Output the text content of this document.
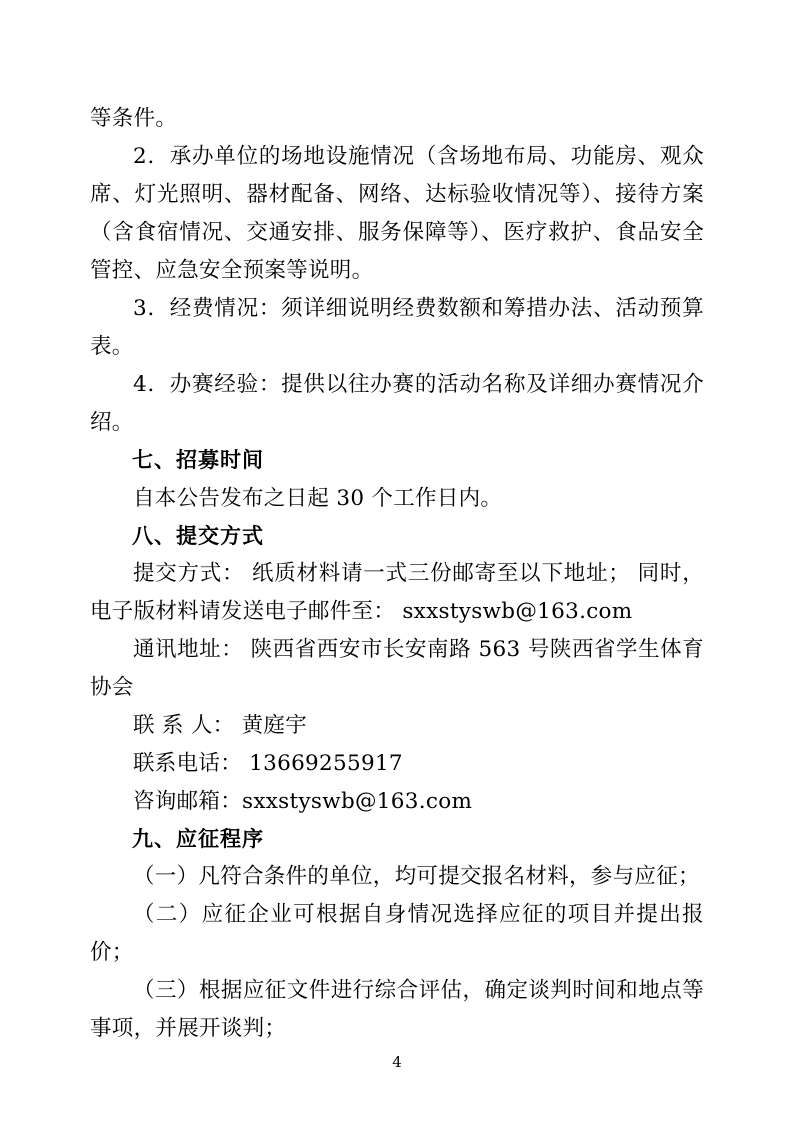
等条件。

2．承办单位的场地设施情况（含场地布局、功能房、观众席、灯光照明、器材配备、网络、达标验收情况等）、接待方案（含食宿情况、交通安排、服务保障等）、医疗救护、食品安全管控、应急安全预案等说明。

3．经费情况：须详细说明经费数额和筹措办法、活动预算表。

4．办赛经验：提供以往办赛的活动名称及详细办赛情况介绍。

七、招募时间

自本公告发布之日起 30 个工作日内。

八、提交方式

提交方式： 纸质材料请一式三份邮寄至以下地址； 同时，电子版材料请发送电子邮件至： sxxstyswb@163.com

通讯地址： 陕西省西安市长安南路 563 号陕西省学生体育协会

联 系 人： 黄庭宇

联系电话： 13669255917

咨询邮箱：sxxstyswb@163.com

九、应征程序

（一）凡符合条件的单位，均可提交报名材料，参与应征；

（二）应征企业可根据自身情况选择应征的项目并提出报价；

（三）根据应征文件进行综合评估，确定谈判时间和地点等事项，并展开谈判；

4
